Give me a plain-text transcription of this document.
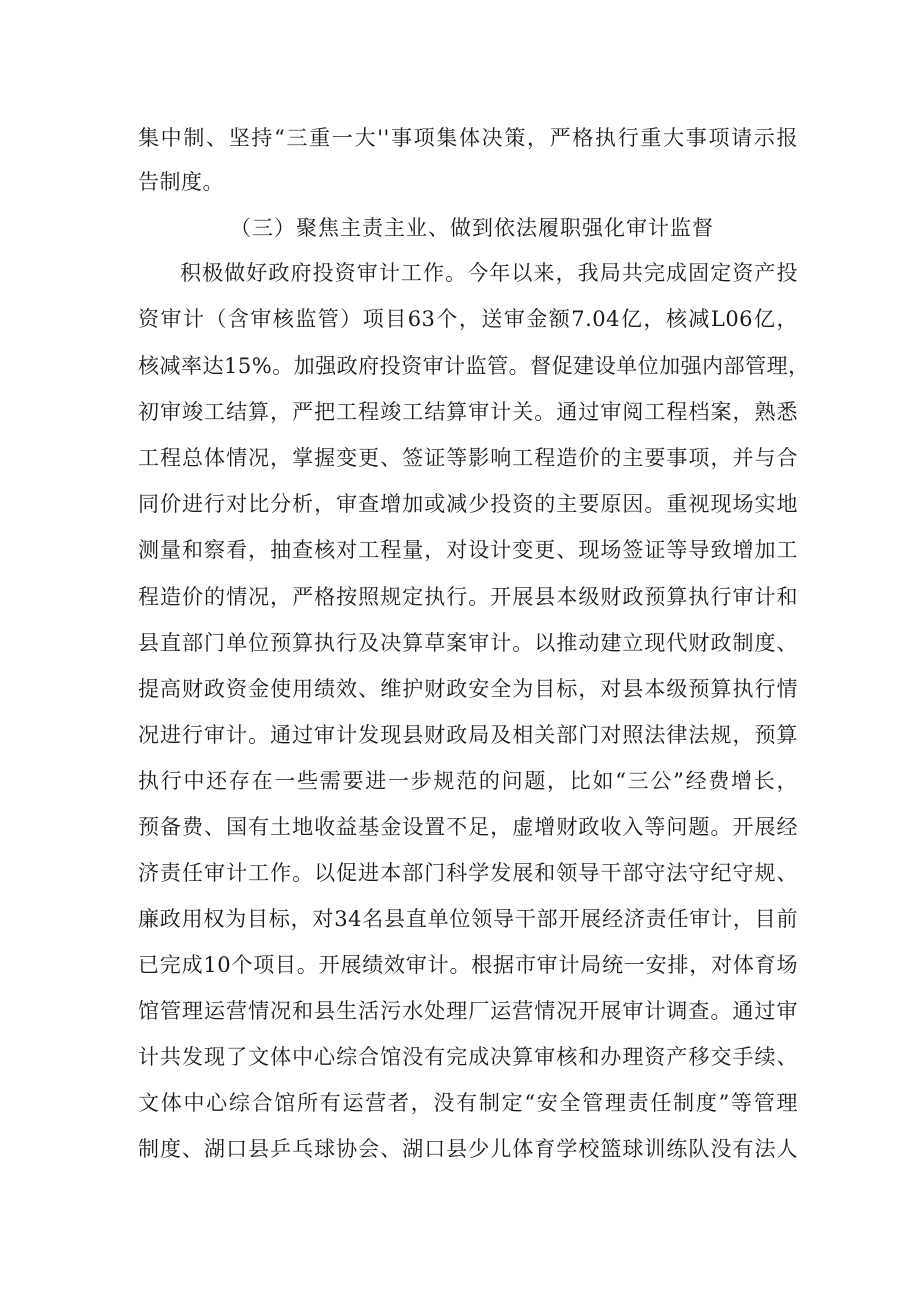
集中制、坚持“三重一大''事项集体决策，严格执行重大事项请示报
告制度。
（三）聚焦主责主业、做到依法履职强化审计监督
积极做好政府投资审计工作。今年以来，我局共完成固定资产投
资审计（含审核监管）项目63个，送审金额7.04亿，核减L06亿，
核减率达15%。加强政府投资审计监管。督促建设单位加强内部管理，
初审竣工结算，严把工程竣工结算审计关。通过审阅工程档案，熟悉
工程总体情况，掌握变更、签证等影响工程造价的主要事项，并与合
同价进行对比分析，审查增加或减少投资的主要原因。重视现场实地
测量和察看，抽查核对工程量，对设计变更、现场签证等导致增加工
程造价的情况，严格按照规定执行。开展县本级财政预算执行审计和
县直部门单位预算执行及决算草案审计。以推动建立现代财政制度、
提高财政资金使用绩效、维护财政安全为目标，对县本级预算执行情
况进行审计。通过审计发现县财政局及相关部门对照法律法规，预算
执行中还存在一些需要进一步规范的问题，比如“三公”经费增长，
预备费、国有土地收益基金设置不足，虚增财政收入等问题。开展经
济责任审计工作。以促进本部门科学发展和领导干部守法守纪守规、
廉政用权为目标，对34名县直单位领导干部开展经济责任审计，目前
已完成10个项目。开展绩效审计。根据市审计局统一安排，对体育场
馆管理运营情况和县生活污水处理厂运营情况开展审计调查。通过审
计共发现了文体中心综合馆没有完成决算审核和办理资产移交手续、
文体中心综合馆所有运营者，没有制定“安全管理责任制度”等管理
制度、湖口县乒乓球协会、湖口县少儿体育学校篮球训练队没有法人
